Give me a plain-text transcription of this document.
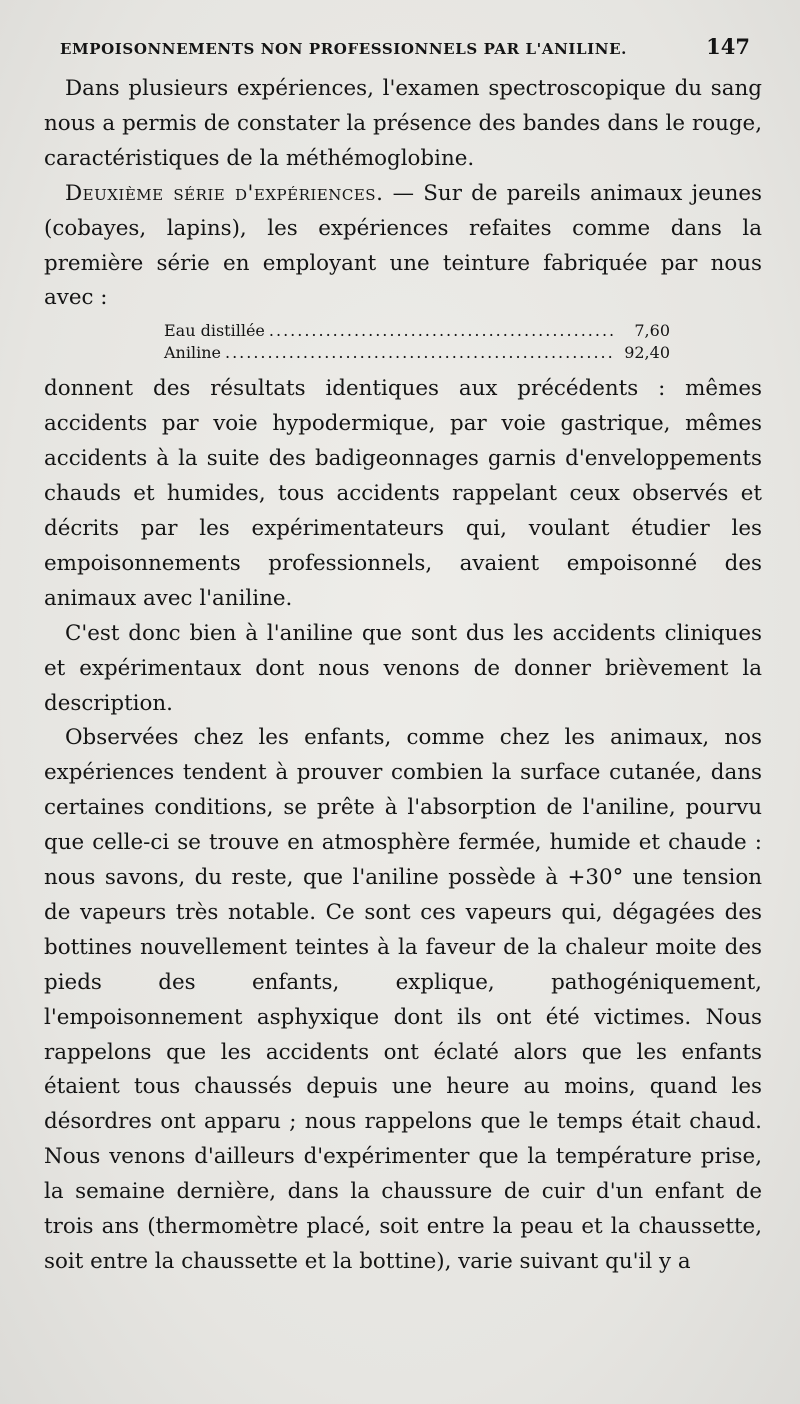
EMPOISONNEMENTS NON PROFESSIONNELS PAR L'ANILINE.	147

Dans plusieurs expériences, l'examen spectroscopique du sang nous a permis de constater la présence des bandes dans le rouge, caractéristiques de la méthémoglobine.

Deuxième série d'expériences. — Sur de pareils animaux jeunes (cobayes, lapins), les expériences refaites comme dans la première série en employant une teinture fabriquée par nous avec :

Eau distillée .....	7,60
Aniline .....	92,40

donnent des résultats identiques aux précédents : mêmes accidents par voie hypodermique, par voie gastrique, mêmes accidents à la suite des badigeonnages garnis d'enveloppements chauds et humides, tous accidents rappelant ceux observés et décrits par les expérimentateurs qui, voulant étudier les empoisonnements professionnels, avaient empoisonné des animaux avec l'aniline.

C'est donc bien à l'aniline que sont dus les accidents cliniques et expérimentaux dont nous venons de donner brièvement la description.

Observées chez les enfants, comme chez les animaux, nos expériences tendent à prouver combien la surface cutanée, dans certaines conditions, se prête à l'absorption de l'aniline, pourvu que celle-ci se trouve en atmosphère fermée, humide et chaude : nous savons, du reste, que l'aniline possède à +30° une tension de vapeurs très notable. Ce sont ces vapeurs qui, dégagées des bottines nouvellement teintes à la faveur de la chaleur moite des pieds des enfants, explique, pathogéniquement, l'empoisonnement asphyxique dont ils ont été victimes. Nous rappelons que les accidents ont éclaté alors que les enfants étaient tous chaussés depuis une heure au moins, quand les désordres ont apparu ; nous rappelons que le temps était chaud. Nous venons d'ailleurs d'expérimenter que la température prise, la semaine dernière, dans la chaussure de cuir d'un enfant de trois ans (thermomètre placé, soit entre la peau et la chaussette, soit entre la chaussette et la bottine), varie suivant qu'il y a
